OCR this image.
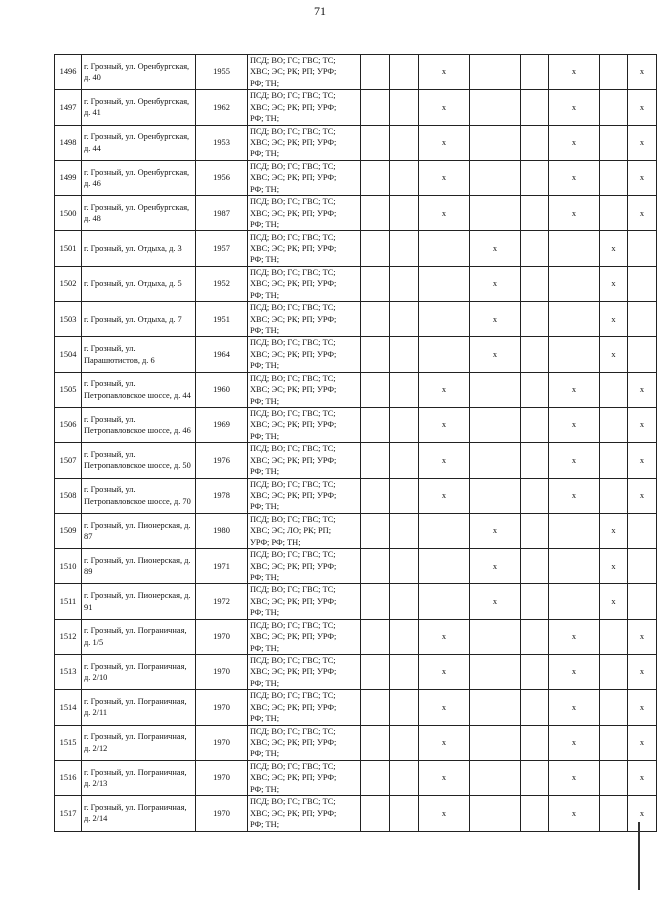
71
1496	г. Грозный, ул. Оренбургская, д. 40	1955	ПСД; ВО; ГС; ГВС; ТС;
ХВС; ЭС; РК; РП; УРФ;
РФ; ТН;			x			x		x
1497	г. Грозный, ул. Оренбургская, д. 41	1962	ПСД; ВО; ГС; ГВС; ТС;
ХВС; ЭС; РК; РП; УРФ;
РФ; ТН;			x			x		x
1498	г. Грозный, ул. Оренбургская, д. 44	1953	ПСД; ВО; ГС; ГВС; ТС;
ХВС; ЭС; РК; РП; УРФ;
РФ; ТН;			x			x		x
1499	г. Грозный, ул. Оренбургская, д. 46	1956	ПСД; ВО; ГС; ГВС; ТС;
ХВС; ЭС; РК; РП; УРФ;
РФ; ТН;			x			x		x
1500	г. Грозный, ул. Оренбургская, д. 48	1987	ПСД; ВО; ГС; ГВС; ТС;
ХВС; ЭС; РК; РП; УРФ;
РФ; ТН;			x			x		x
1501	г. Грозный, ул. Отдыха, д. 3	1957	ПСД; ВО; ГС; ГВС; ТС;
ХВС; ЭС; РК; РП; УРФ;
РФ; ТН;				x			x	
1502	г. Грозный, ул. Отдыха, д. 5	1952	ПСД; ВО; ГС; ГВС; ТС;
ХВС; ЭС; РК; РП; УРФ;
РФ; ТН;				x			x	
1503	г. Грозный, ул. Отдыха, д. 7	1951	ПСД; ВО; ГС; ГВС; ТС;
ХВС; ЭС; РК; РП; УРФ;
РФ; ТН;				x			x	
1504	г. Грозный, ул. Парашютистов, д. 6	1964	ПСД; ВО; ГС; ГВС; ТС;
ХВС; ЭС; РК; РП; УРФ;
РФ; ТН;				x			x	
1505	г. Грозный, ул. Петропавловское шоссе, д. 44	1960	ПСД; ВО; ГС; ГВС; ТС;
ХВС; ЭС; РК; РП; УРФ;
РФ; ТН;			x			x		x
1506	г. Грозный, ул. Петропавловское шоссе, д. 46	1969	ПСД; ВО; ГС; ГВС; ТС;
ХВС; ЭС; РК; РП; УРФ;
РФ; ТН;			x			x		x
1507	г. Грозный, ул. Петропавловское шоссе, д. 50	1976	ПСД; ВО; ГС; ГВС; ТС;
ХВС; ЭС; РК; РП; УРФ;
РФ; ТН;			x			x		x
1508	г. Грозный, ул. Петропавловское шоссе, д. 70	1978	ПСД; ВО; ГС; ГВС; ТС;
ХВС; ЭС; РК; РП; УРФ;
РФ; ТН;			x			x		x
1509	г. Грозный, ул. Пионерская, д. 87	1980	ПСД; ВО; ГС; ГВС; ТС;
ХВС; ЭС; ЛО; РК; РП;
УРФ; РФ; ТН;				x			x	
1510	г. Грозный, ул. Пионерская, д. 89	1971	ПСД; ВО; ГС; ГВС; ТС;
ХВС; ЭС; РК; РП; УРФ;
РФ; ТН;				x			x	
1511	г. Грозный, ул. Пионерская, д. 91	1972	ПСД; ВО; ГС; ГВС; ТС;
ХВС; ЭС; РК; РП; УРФ;
РФ; ТН;				x			x	
1512	г. Грозный, ул. Пограничная, д. 1/5	1970	ПСД; ВО; ГС; ГВС; ТС;
ХВС; ЭС; РК; РП; УРФ;
РФ; ТН;			x			x		x
1513	г. Грозный, ул. Пограничная, д. 2/10	1970	ПСД; ВО; ГС; ГВС; ТС;
ХВС; ЭС; РК; РП; УРФ;
РФ; ТН;			x			x		x
1514	г. Грозный, ул. Пограничная, д. 2/11	1970	ПСД; ВО; ГС; ГВС; ТС;
ХВС; ЭС; РК; РП; УРФ;
РФ; ТН;			x			x		x
1515	г. Грозный, ул. Пограничная, д. 2/12	1970	ПСД; ВО; ГС; ГВС; ТС;
ХВС; ЭС; РК; РП; УРФ;
РФ; ТН;			x			x		x
1516	г. Грозный, ул. Пограничная, д. 2/13	1970	ПСД; ВО; ГС; ГВС; ТС;
ХВС; ЭС; РК; РП; УРФ;
РФ; ТН;			x			x		x
1517	г. Грозный, ул. Пограничная, д. 2/14	1970	ПСД; ВО; ГС; ГВС; ТС;
ХВС; ЭС; РК; РП; УРФ;
РФ; ТН;			x			x		x
